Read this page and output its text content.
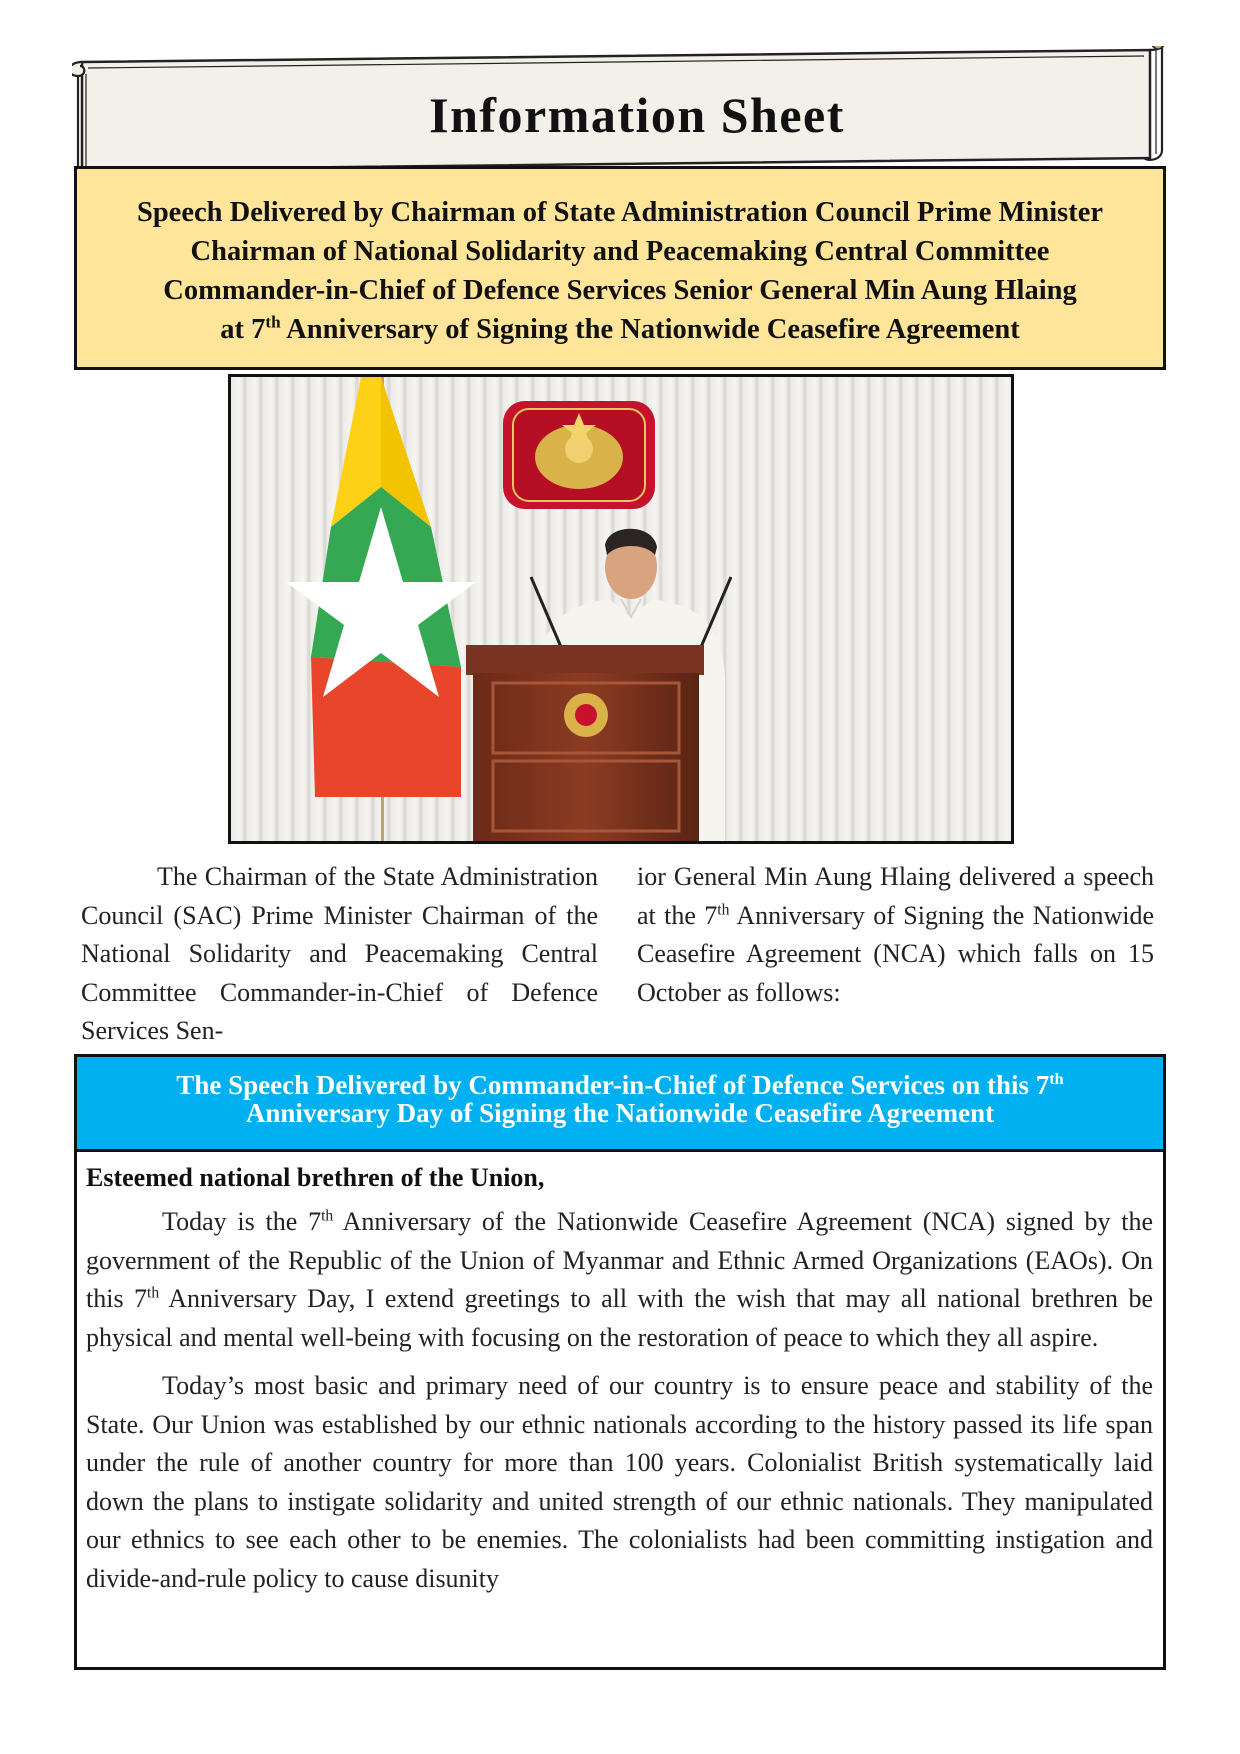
Information Sheet

Speech Delivered by Chairman of State Administration Council Prime Minister

Chairman of National Solidarity and Peacemaking Central Committee

Commander-in-Chief of Defence Services Senior General Min Aung Hlaing

at 7th Anniversary of Signing the Nationwide Ceasefire Agreement

The Chairman of the State Administration Council (SAC) Prime Minister Chairman of the National Solidarity and Peacemaking Central Committee Commander-in-Chief of Defence Services Sen-
ior General Min Aung Hlaing delivered a speech at the 7th Anniversary of Signing the Nationwide Ceasefire Agreement (NCA) which falls on 15 October as follows:

The Speech Delivered by Commander-in-Chief of Defence Services on this 7th

Anniversary Day of Signing the Nationwide Ceasefire Agreement

Esteemed national brethren of the Union,

Today is the 7th Anniversary of the Nationwide Ceasefire Agreement (NCA) signed by the government of the Republic of the Union of Myanmar and Ethnic Armed Organizations (EAOs). On this 7th Anniversary Day, I extend greetings to all with the wish that may all national brethren be physical and mental well-being with focusing on the restoration of peace to which they all aspire.

Today’s most basic and primary need of our country is to ensure peace and stability of the State. Our Union was established by our ethnic nationals according to the history passed its life span under the rule of another country for more than 100 years. Colonialist British systematically laid down the plans to instigate solidarity and united strength of our ethnic nationals. They manipulated our ethnics to see each other to be enemies. The colonialists had been committing instigation and divide-and-rule policy to cause disunity
